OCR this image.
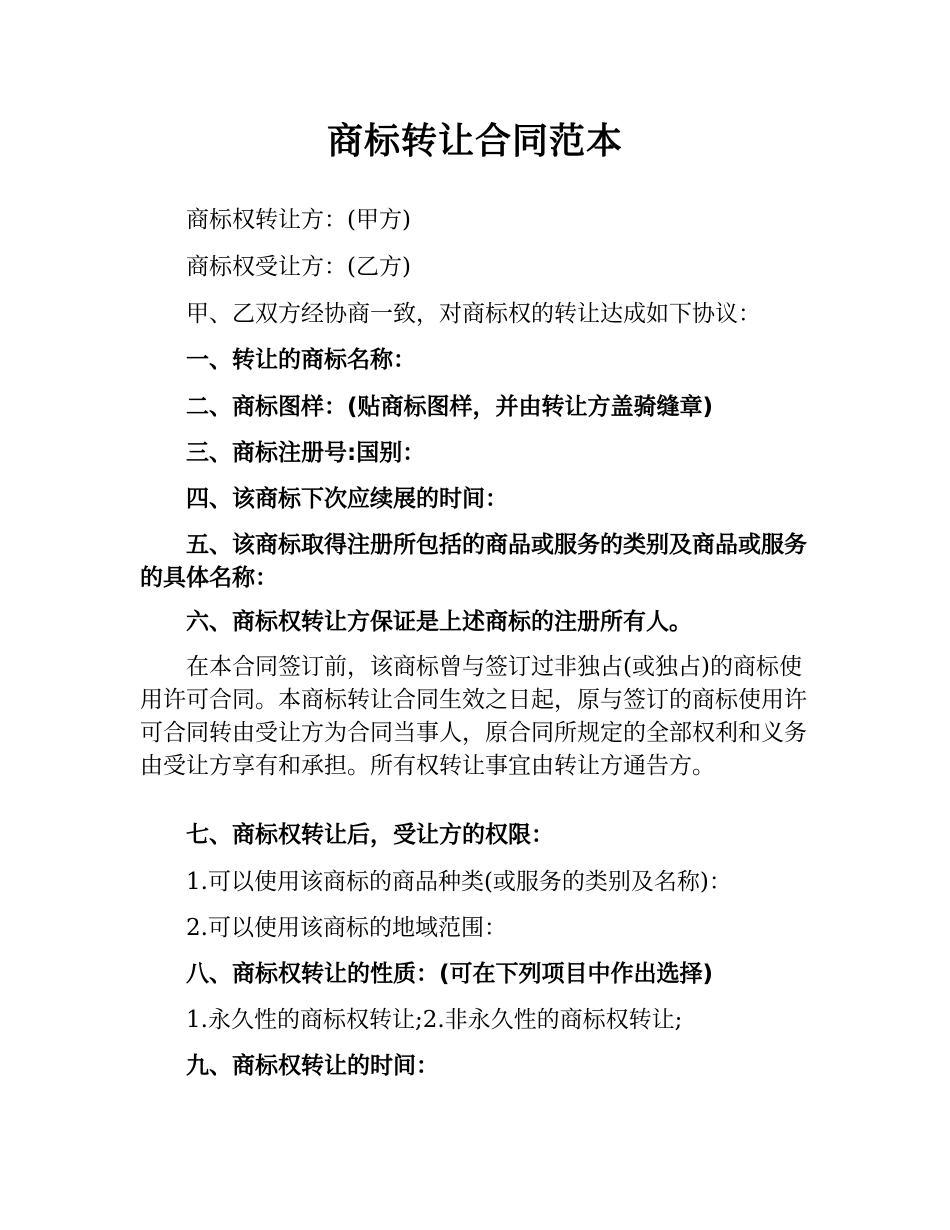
商标转让合同范本

商标权转让方：(甲方)

商标权受让方：(乙方)

甲、乙双方经协商一致，对商标权的转让达成如下协议：

一、转让的商标名称：

二、商标图样：(贴商标图样，并由转让方盖骑缝章)

三、商标注册号:国别：

四、该商标下次应续展的时间：

五、该商标取得注册所包括的商品或服务的类别及商品或服务的具体名称：

六、商标权转让方保证是上述商标的注册所有人。

在本合同签订前，该商标曾与签订过非独占(或独占)的商标使用许可合同。本商标转让合同生效之日起，原与签订的商标使用许可合同转由受让方为合同当事人，原合同所规定的全部权利和义务由受让方享有和承担。所有权转让事宜由转让方通告方。

七、商标权转让后，受让方的权限：

1.可以使用该商标的商品种类(或服务的类别及名称)：

2.可以使用该商标的地域范围：

八、商标权转让的性质：(可在下列项目中作出选择)

1.永久性的商标权转让;2.非永久性的商标权转让;

九、商标权转让的时间：
